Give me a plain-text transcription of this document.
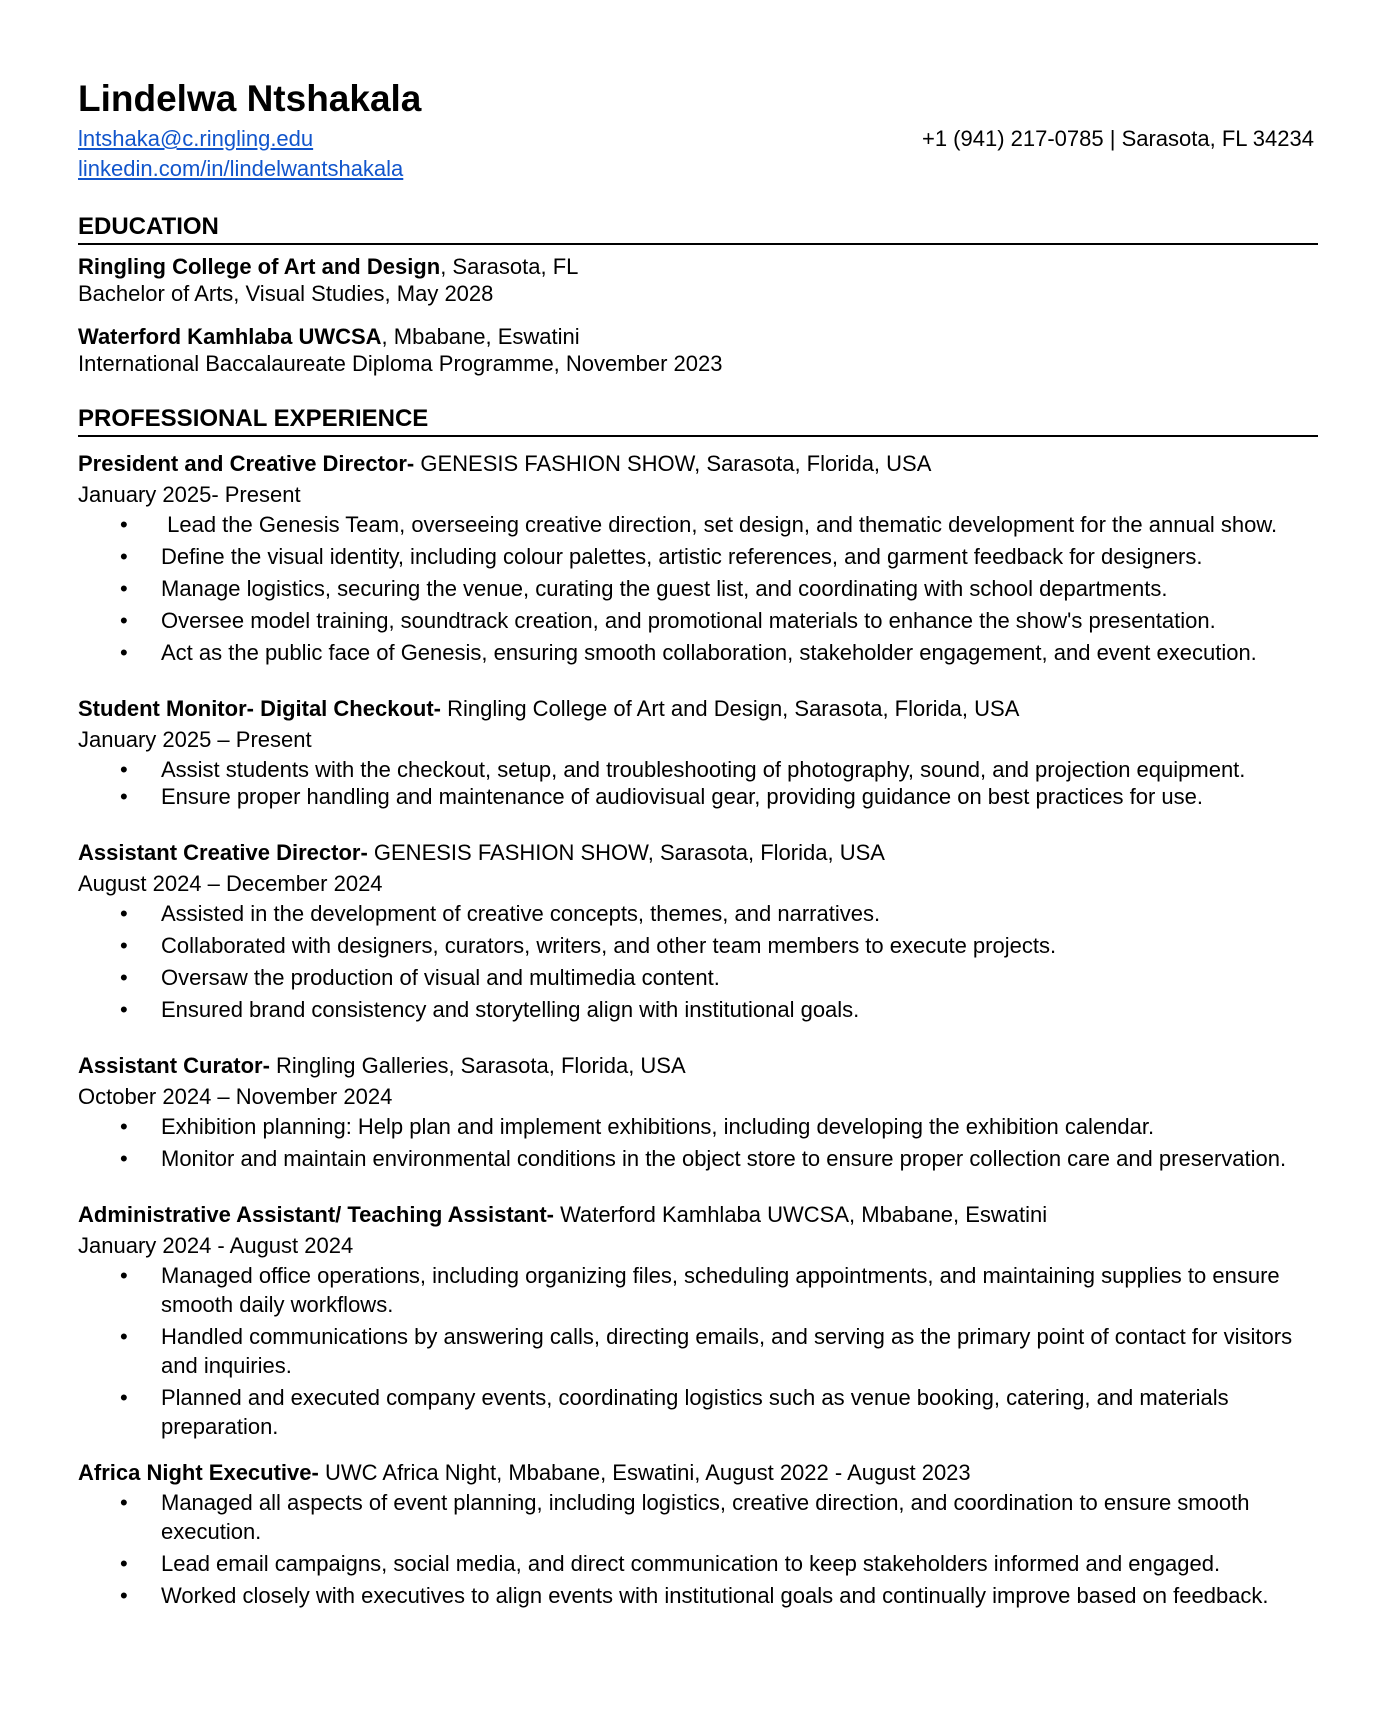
Lindelwa Ntshakala
lntshaka@c.ringling.edu	+1 (941) 217-0785 | Sarasota, FL 34234
linkedin.com/in/lindelwantshakala
EDUCATION
Ringling College of Art and Design, Sarasota, FL
Bachelor of Arts, Visual Studies, May 2028
Waterford Kamhlaba UWCSA, Mbabane, Eswatini
International Baccalaureate Diploma Programme, November 2023
PROFESSIONAL EXPERIENCE
President and Creative Director- GENESIS FASHION SHOW, Sarasota, Florida, USA
January 2025- Present
• Lead the Genesis Team, overseeing creative direction, set design, and thematic development for the annual show.
• Define the visual identity, including colour palettes, artistic references, and garment feedback for designers.
• Manage logistics, securing the venue, curating the guest list, and coordinating with school departments.
• Oversee model training, soundtrack creation, and promotional materials to enhance the show's presentation.
• Act as the public face of Genesis, ensuring smooth collaboration, stakeholder engagement, and event execution.
Student Monitor- Digital Checkout- Ringling College of Art and Design, Sarasota, Florida, USA
January 2025 – Present
• Assist students with the checkout, setup, and troubleshooting of photography, sound, and projection equipment.
• Ensure proper handling and maintenance of audiovisual gear, providing guidance on best practices for use.
Assistant Creative Director- GENESIS FASHION SHOW, Sarasota, Florida, USA
August 2024 – December 2024
• Assisted in the development of creative concepts, themes, and narratives.
• Collaborated with designers, curators, writers, and other team members to execute projects.
• Oversaw the production of visual and multimedia content.
• Ensured brand consistency and storytelling align with institutional goals.
Assistant Curator- Ringling Galleries, Sarasota, Florida, USA
October 2024 – November 2024
• Exhibition planning: Help plan and implement exhibitions, including developing the exhibition calendar.
• Monitor and maintain environmental conditions in the object store to ensure proper collection care and preservation.
Administrative Assistant/ Teaching Assistant- Waterford Kamhlaba UWCSA, Mbabane, Eswatini
January 2024 - August 2024
• Managed office operations, including organizing files, scheduling appointments, and maintaining supplies to ensure smooth daily workflows.
• Handled communications by answering calls, directing emails, and serving as the primary point of contact for visitors and inquiries.
• Planned and executed company events, coordinating logistics such as venue booking, catering, and materials preparation.
Africa Night Executive- UWC Africa Night, Mbabane, Eswatini, August 2022 - August 2023
• Managed all aspects of event planning, including logistics, creative direction, and coordination to ensure smooth execution.
• Lead email campaigns, social media, and direct communication to keep stakeholders informed and engaged.
• Worked closely with executives to align events with institutional goals and continually improve based on feedback.
